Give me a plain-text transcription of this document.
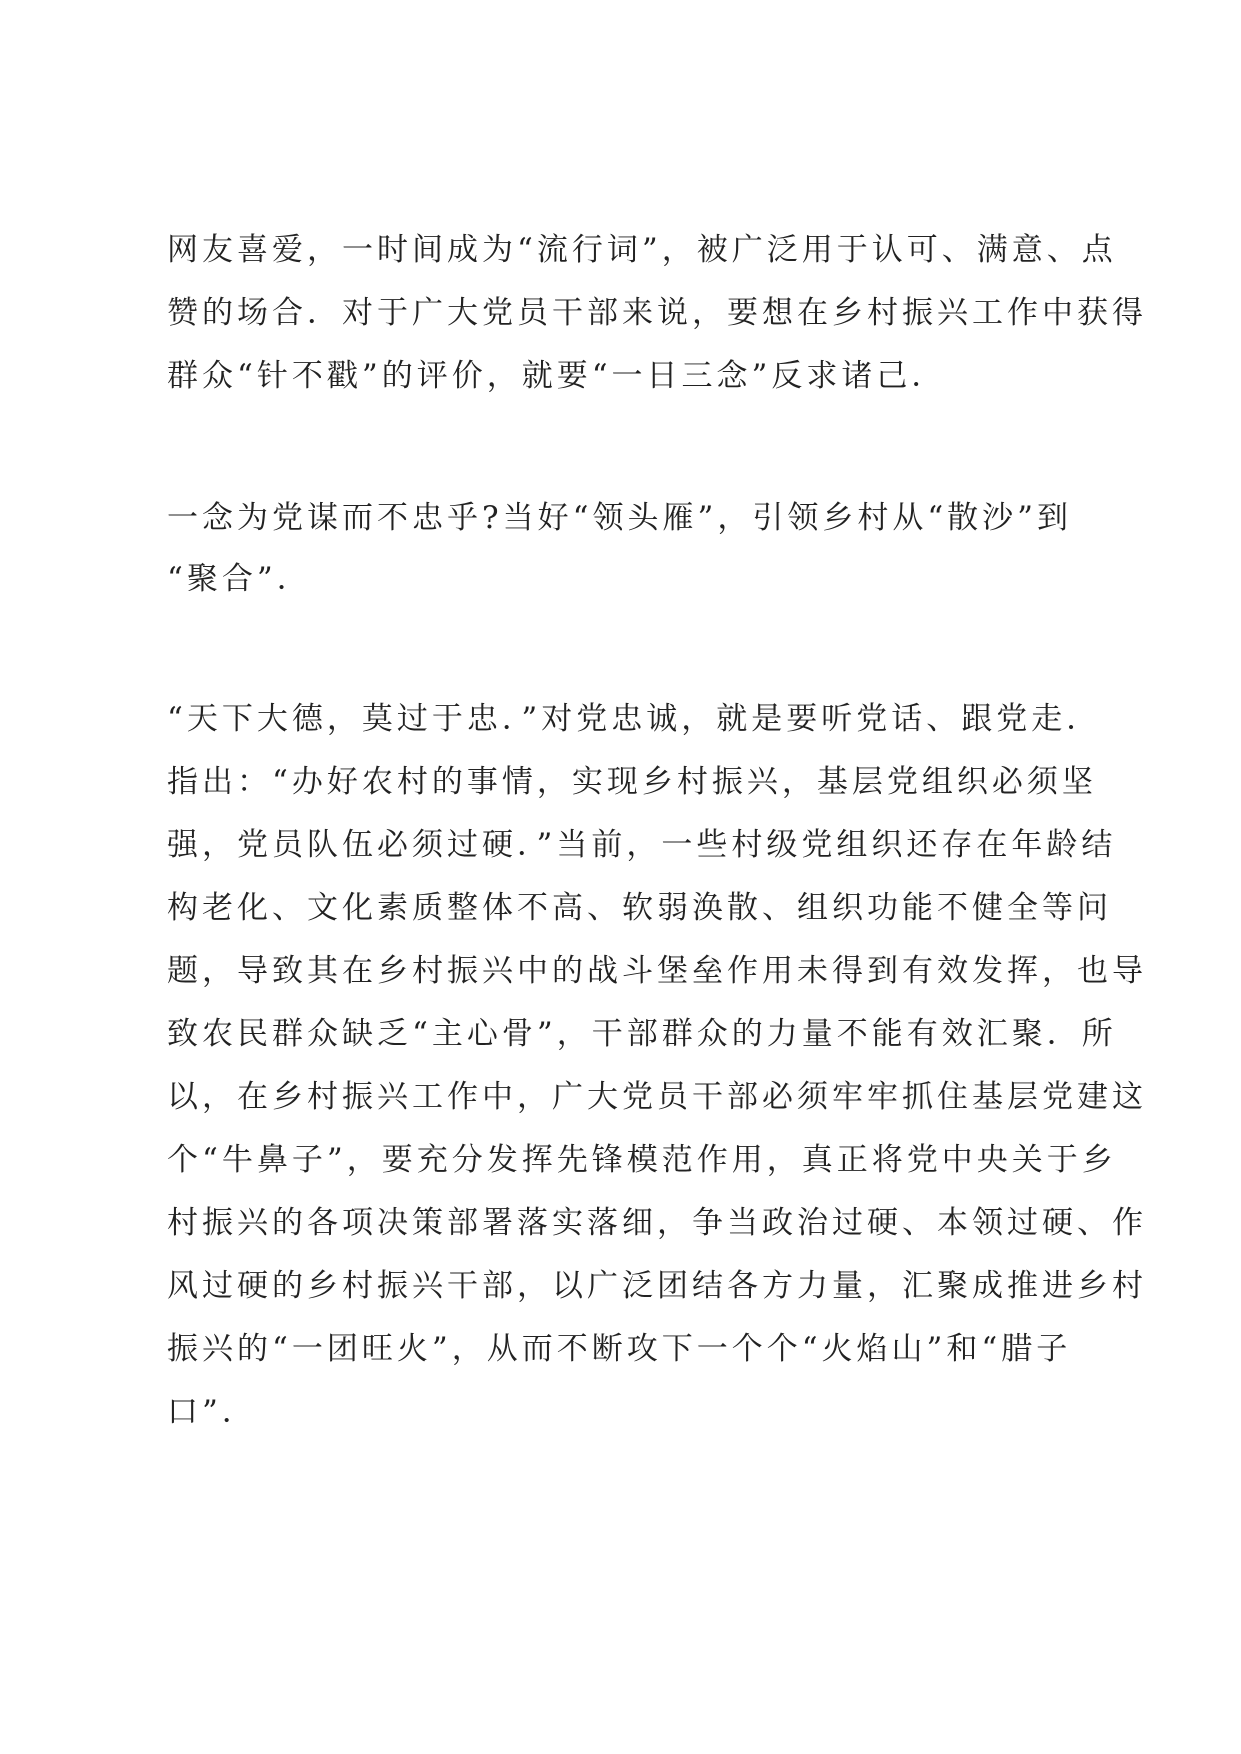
网友喜爱，一时间成为“流行词”，被广泛用于认可、满意、点
赞的场合．对于广大党员干部来说，要想在乡村振兴工作中获得
群众“针不戳”的评价，就要“一日三念”反求诸己．
一念为党谋而不忠乎?当好“领头雁”，引领乡村从“散沙”到
“聚合”．
“天下大德，莫过于忠．”对党忠诚，就是要听党话、跟党走．
指出：“办好农村的事情，实现乡村振兴，基层党组织必须坚
强，党员队伍必须过硬．”当前，一些村级党组织还存在年龄结
构老化、文化素质整体不高、软弱涣散、组织功能不健全等问
题，导致其在乡村振兴中的战斗堡垒作用未得到有效发挥，也导
致农民群众缺乏“主心骨”，干部群众的力量不能有效汇聚．所
以，在乡村振兴工作中，广大党员干部必须牢牢抓住基层党建这
个“牛鼻子”，要充分发挥先锋模范作用，真正将党中央关于乡
村振兴的各项决策部署落实落细，争当政治过硬、本领过硬、作
风过硬的乡村振兴干部，以广泛团结各方力量，汇聚成推进乡村
振兴的“一团旺火”，从而不断攻下一个个“火焰山”和“腊子
口”．
